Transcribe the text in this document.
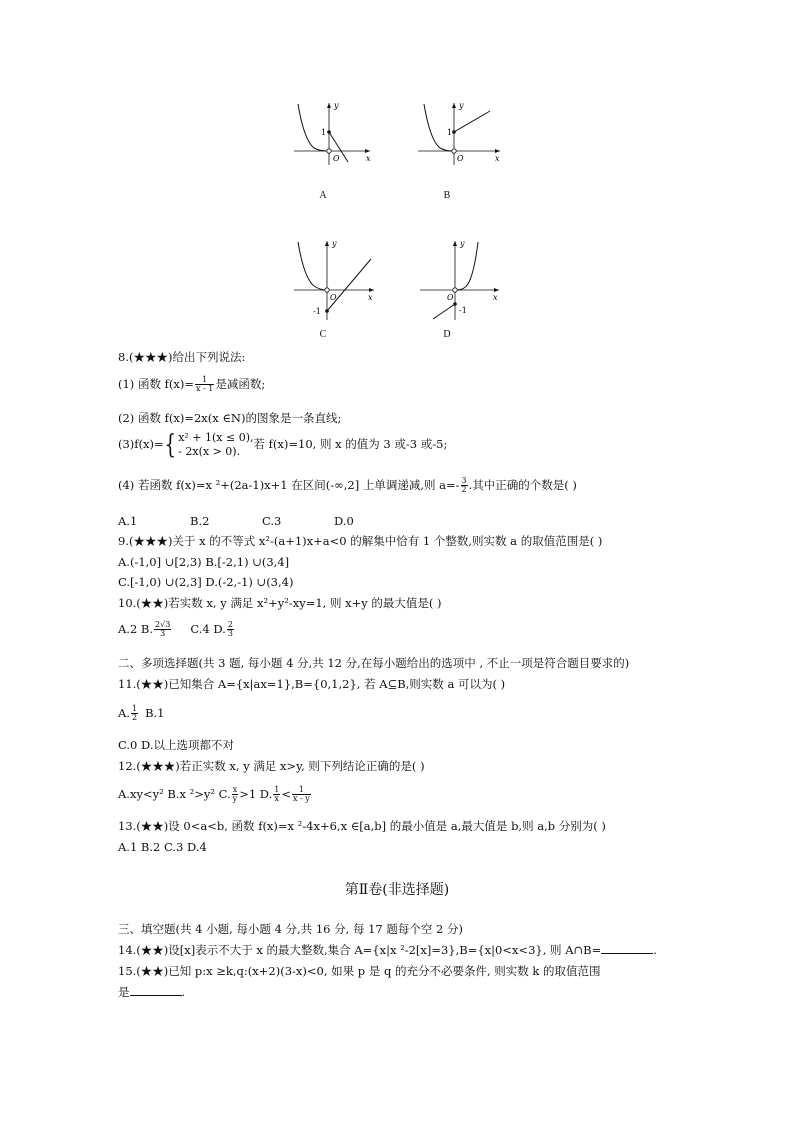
y
x
O
1
A
y
x
O
1
B
y
x
O
-1
C
y
x
O
-1
D
8.(★★★)给出下列说法:
(1) 函数 $f(x)= \frac{1}{x - 1}$ 是减函数;
(2) 函数 f(x)=2x(x ∈N)的图象是一条直线;
(3)f(x)={ x² + 1(x ≤ 0),
- 2x(x > 0).
若 f(x)=10, 则 x 的值为 3 或-3 或-5;
(4) 若函数 f(x)=x ²+(2a-1)x+1 在区间(-∞,2] 上单调递减,则 $a=- \frac{3}{2}$ .其中正确的个数是( )
A.1	B.2	C.3	D.0
9.(★★★)关于 x 的不等式 x²-(a+1)x+a<0 的解集中恰有 1 个整数,则实数 a 的取值范围是( )
A.(-1,0] ∪[2,3) B.[-2,1) ∪(3,4]
C.[-1,0) ∪(2,3] D.(-2,-1) ∪(3,4)
10.(★★)若实数 x, y 满足 x²+y²-xy=1, 则 x+y 的最大值是( )
A.2 B. $\frac{2√3}{3} C.4$ D. $\frac{2}{3}$
二、多项选择题(共 3 题, 每小题 4 分,共 12 分,在每小题给出的选项中 , 不止一项是符合题目要求的)
11.(★★)已知集合 A={x|ax=1},B={0,1,2}, 若 A⊆B,则实数 a 可以为( )
A. $\frac{1}{2} B.1$
C.0 D.以上选项都不对
12.(★★★)若正实数 x, y 满足 x>y, 则下列结论正确的是( )
A.xy<y² B.x ²>y² C. $\frac{x}{y} >1$ D. $\frac{1}{x} < \frac{1}{x - y}$
13.(★★)设 0<a<b, 函数 f(x)=x ²-4x+6,x ∈[a,b] 的最小值是 a,最大值是 b,则 a,b 分别为( )
A.1 B.2 C.3 D.4
第Ⅱ卷(非选择题)
三、填空题(共 4 小题, 每小题 4 分,共 16 分, 每 17 题每个空 2 分)
14.(★★)设[x]表示不大于 x 的最大整数,集合 A={x|x ²-2[x]=3},B={x|0<x<3}, 则 A∩B=	.
15.(★★)已知 p:x ≥k,q:(x+2)(3-x)<0, 如果 p 是 q 的充分不必要条件, 则实数 k 的取值范围
是	.
